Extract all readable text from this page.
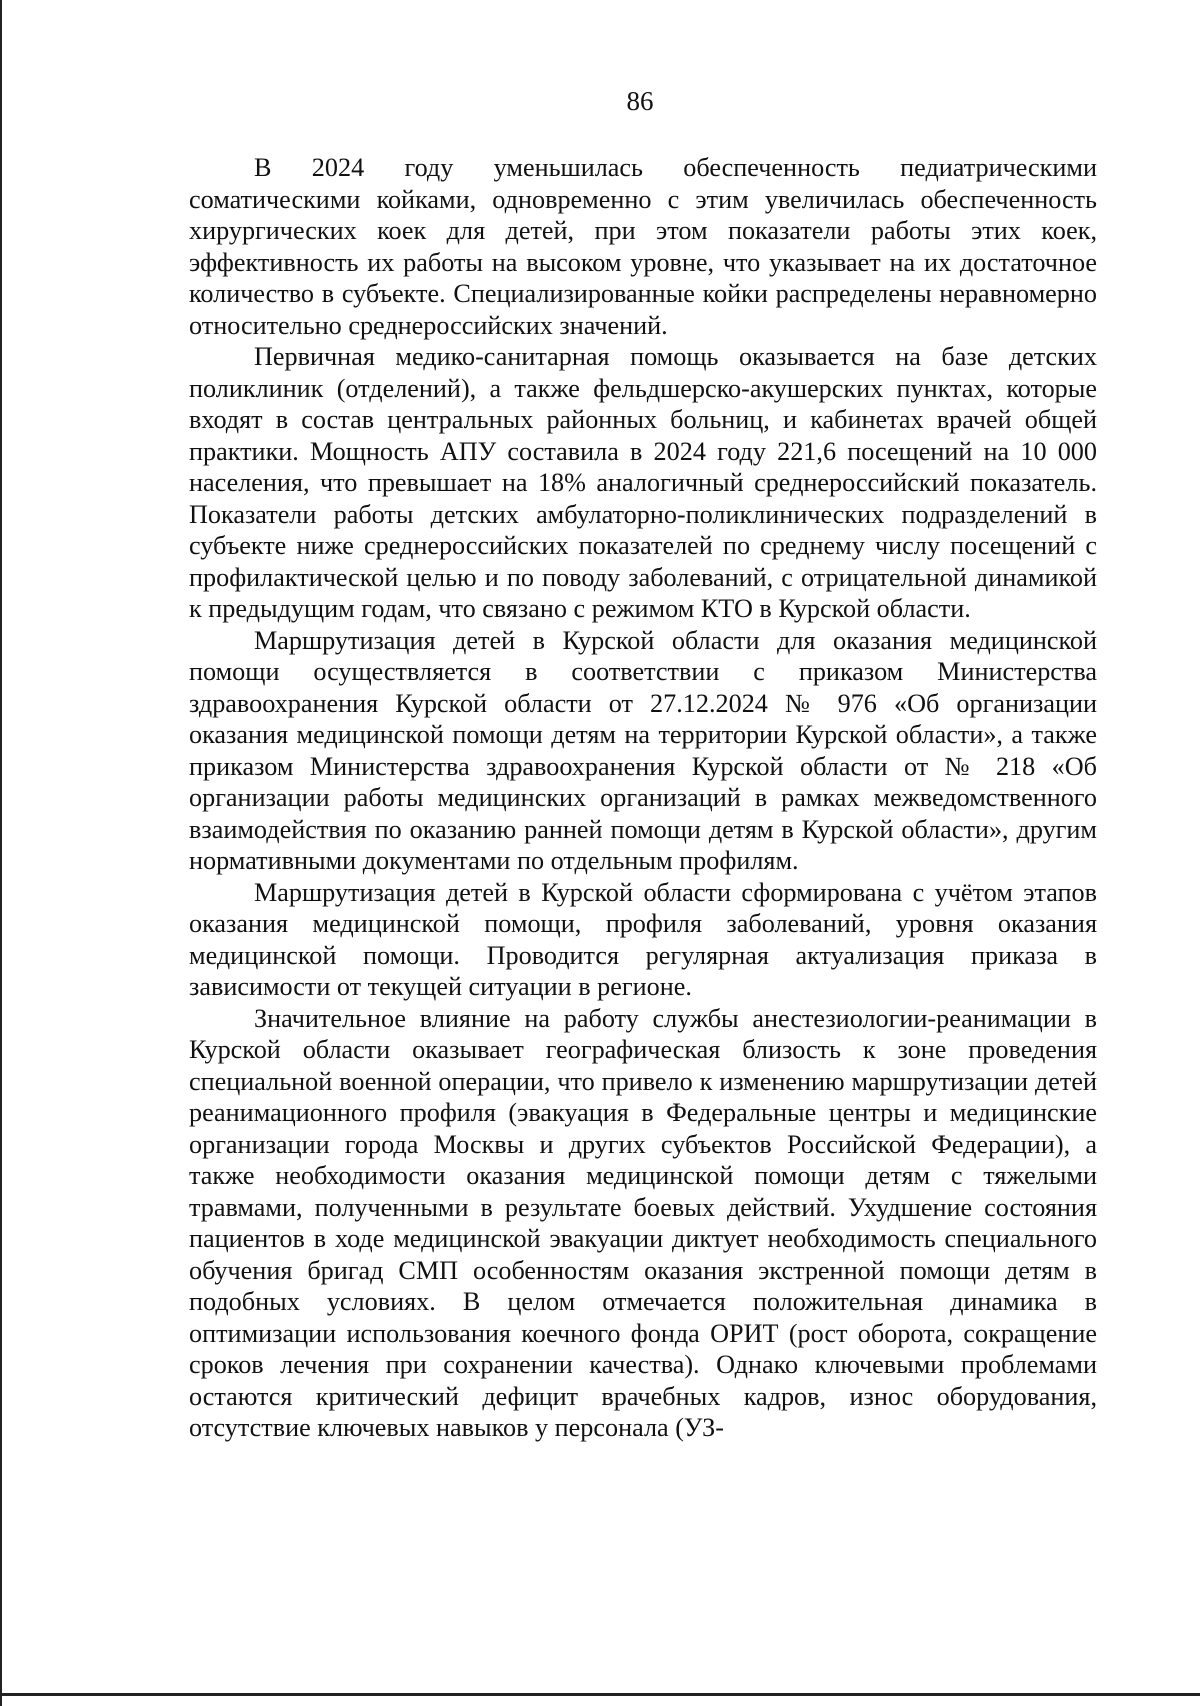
86

В 2024 году уменьшилась обеспеченность педиатрическими соматическими койками, одновременно с этим увеличилась обеспеченность хирургических коек для детей, при этом показатели работы этих коек, эффективность их работы на высоком уровне, что указывает на их достаточное количество в субъекте. Специализированные койки распределены неравномерно относительно среднероссийских значений.

Первичная медико-санитарная помощь оказывается на базе детских поликлиник (отделений), а также фельдшерско-акушерских пунктах, которые входят в состав центральных районных больниц, и кабинетах врачей общей практики. Мощность АПУ составила в 2024 году 221,6 посещений на 10 000 населения, что превышает на 18% аналогичный среднероссийский показатель. Показатели работы детских амбулаторно-поликлинических подразделений в субъекте ниже среднероссийских показателей по среднему числу посещений с профилактической целью и по поводу заболеваний, с отрицательной динамикой к предыдущим годам, что связано с режимом КТО в Курской области.

Маршрутизация детей в Курской области для оказания медицинской помощи осуществляется в соответствии с приказом Министерства здравоохранения Курской области от 27.12.2024 № 976 «Об организации оказания медицинской помощи детям на территории Курской области», а также приказом Министерства здравоохранения Курской области от № 218 «Об организации работы медицинских организаций в рамках межведомственного взаимодействия по оказанию ранней помощи детям в Курской области», другим нормативными документами по отдельным профилям.

Маршрутизация детей в Курской области сформирована с учётом этапов оказания медицинской помощи, профиля заболеваний, уровня оказания медицинской помощи. Проводится регулярная актуализация приказа в зависимости от текущей ситуации в регионе.

Значительное влияние на работу службы анестезиологии-реанимации в Курской области оказывает географическая близость к зоне проведения специальной военной операции, что привело к изменению маршрутизации детей реанимационного профиля (эвакуация в Федеральные центры и медицинские организации города Москвы и других субъектов Российской Федерации), а также необходимости оказания медицинской помощи детям с тяжелыми травмами, полученными в результате боевых действий. Ухудшение состояния пациентов в ходе медицинской эвакуации диктует необходимость специального обучения бригад СМП особенностям оказания экстренной помощи детям в подобных условиях. В целом отмечается положительная динамика в оптимизации использования коечного фонда ОРИТ (рост оборота, сокращение сроков лечения при сохранении качества). Однако ключевыми проблемами остаются критический дефицит врачебных кадров, износ оборудования, отсутствие ключевых навыков у персонала (УЗ-
